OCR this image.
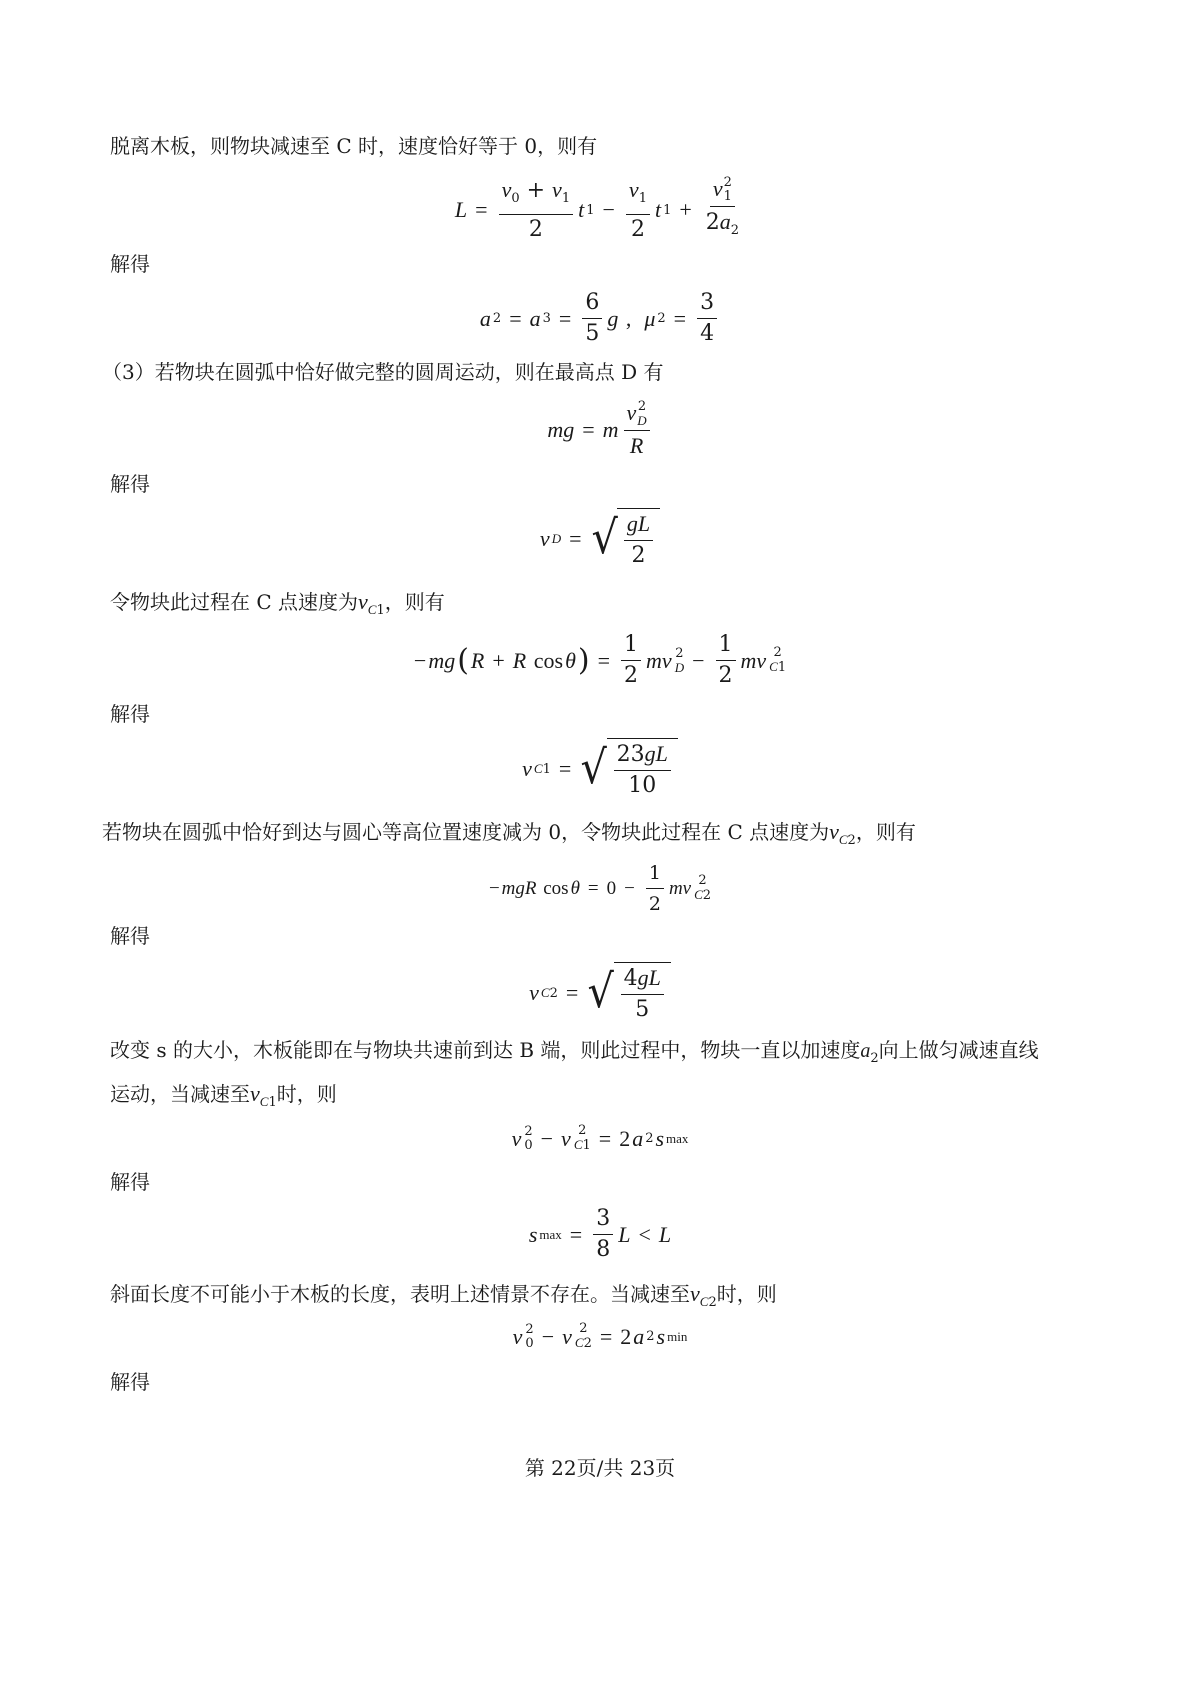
脱离木板，则物块减速至 C 时，速度恰好等于 0，则有
$L = \frac{v_0 + v_1}{2}$ t $1 - \frac{v_1}{2}$ t 1 + v 2
1
$2a_2$
解得
a 2 = a $3 = \frac{6}{5}$ g , μ $2 = \frac{3}{4}$
（3）若物块在圆弧中恰好做完整的圆周运动，则在最高点 D 有
mg = m v 2
D
R
解得
v D = √ $\frac{gL}{2}$
令物块此过程在 C 点速度为$v_{C1}$，则有
− mg ( R + R cos θ ) = $\frac{1}{2}$ mv 2
$D - \frac{1}{2}$ mv 2
C1
解得
v C1 = √ $\frac{23gL}{10}$
若物块在圆弧中恰好到达与圆心等高位置速度减为 0，令物块此过程在 C 点速度为$v_{C2}$，则有
− mgR $\cos \theta = 0 - \frac{1}{2}$ mv 2
C2
解得
v C2 = √ $\frac{4gL}{5}$
改变 s 的大小，木板能即在与物块共速前到达 B 端，则此过程中，物块一直以加速度$a_2$向上做匀减速直线
运动，当减速至$v_{C1}$时，则
v 2
0 − v 2
C1 = 2 a 2 s max
解得
s $\max = \frac{3}{8}$ L < L
斜面长度不可能小于木板的长度，表明上述情景不存在。当减速至$v_{C2}$时，则
v 2
0 − v 2
C2 = 2 a 2 s min
解得
第 22页/共 23页
